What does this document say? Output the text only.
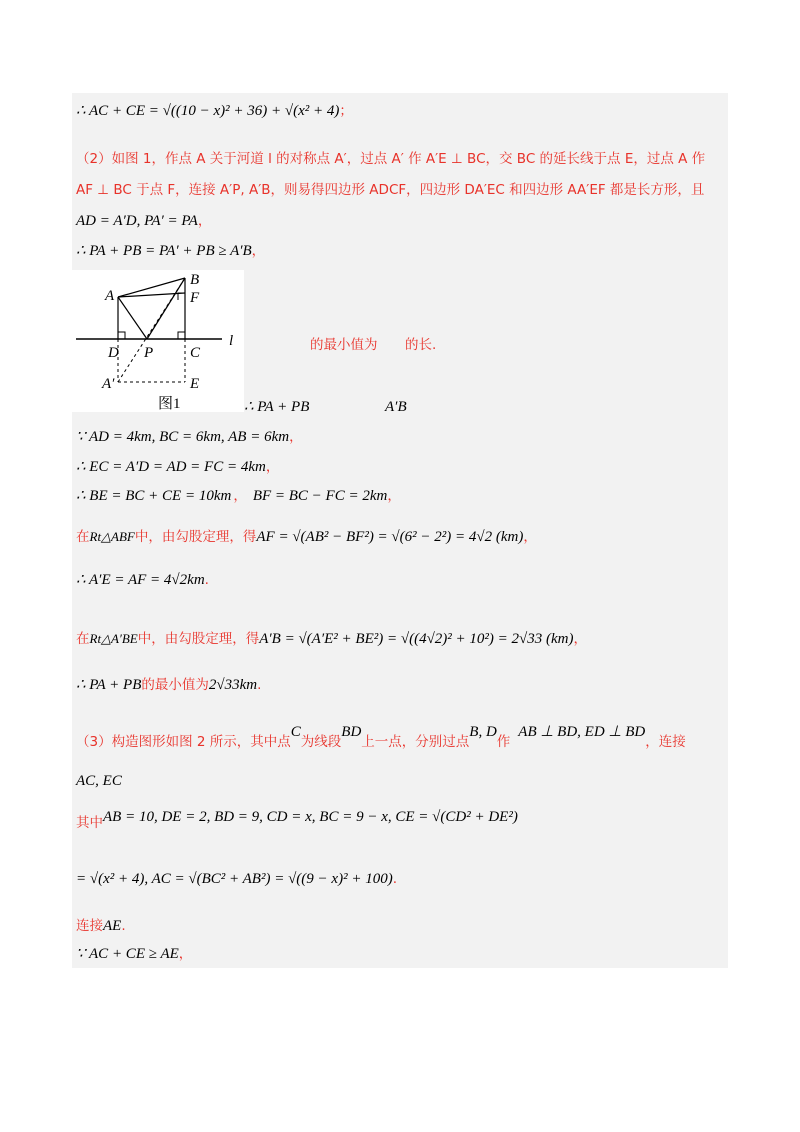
∴ AC + CE = √((10 − x)² + 36) + √(x² + 4)；
（2）如图 1，作点 A 关于河道 l 的对称点 A′，过点 A′ 作 A′E ⊥ BC，交 BC 的延长线于点 E，过点 A 作
AF ⊥ BC 于点 F，连接 A′P, A′B，则易得四边形 ADCF，四边形 DA′EC 和四边形 AA′EF 都是长方形，且
AD = A′D, PA′ = PA，
∴ PA + PB = PA′ + PB ≥ A′B，
A
B
F
D P C
l
A′	E
图1
的最小值为 的长.
∴ PA + PB	A′B
∵ AD = 4km, BC = 6km, AB = 6km，
∴ EC = A′D = AD = FC = 4km，
∴ BE = BC + CE = 10km ， BF = BC − FC = 2km，
在Rt△ABF中，由勾股定理，得AF = √(AB² − BF²) = √(6² − 2²) = 4√2 (km)，
∴ A′E = AF = 4√2km.
在Rt△A′BE中，由勾股定理，得A′B = √(A′E² + BE²) = √((4√2)² + 10²) = 2√33 (km)，
∴ PA + PB的最小值为2√33km.
（3）构造图形如图 2 所示，其中点C为线段BD上一点，分别过点B, D作AB ⊥ BD, ED ⊥ BD，连接
AC, EC
其中AB = 10, DE = 2, BD = 9, CD = x, BC = 9 − x, CE = √(CD² + DE²)
= √(x² + 4), AC = √(BC² + AB²) = √((9 − x)² + 100).
连接AE.
∵ AC + CE ≥ AE，
